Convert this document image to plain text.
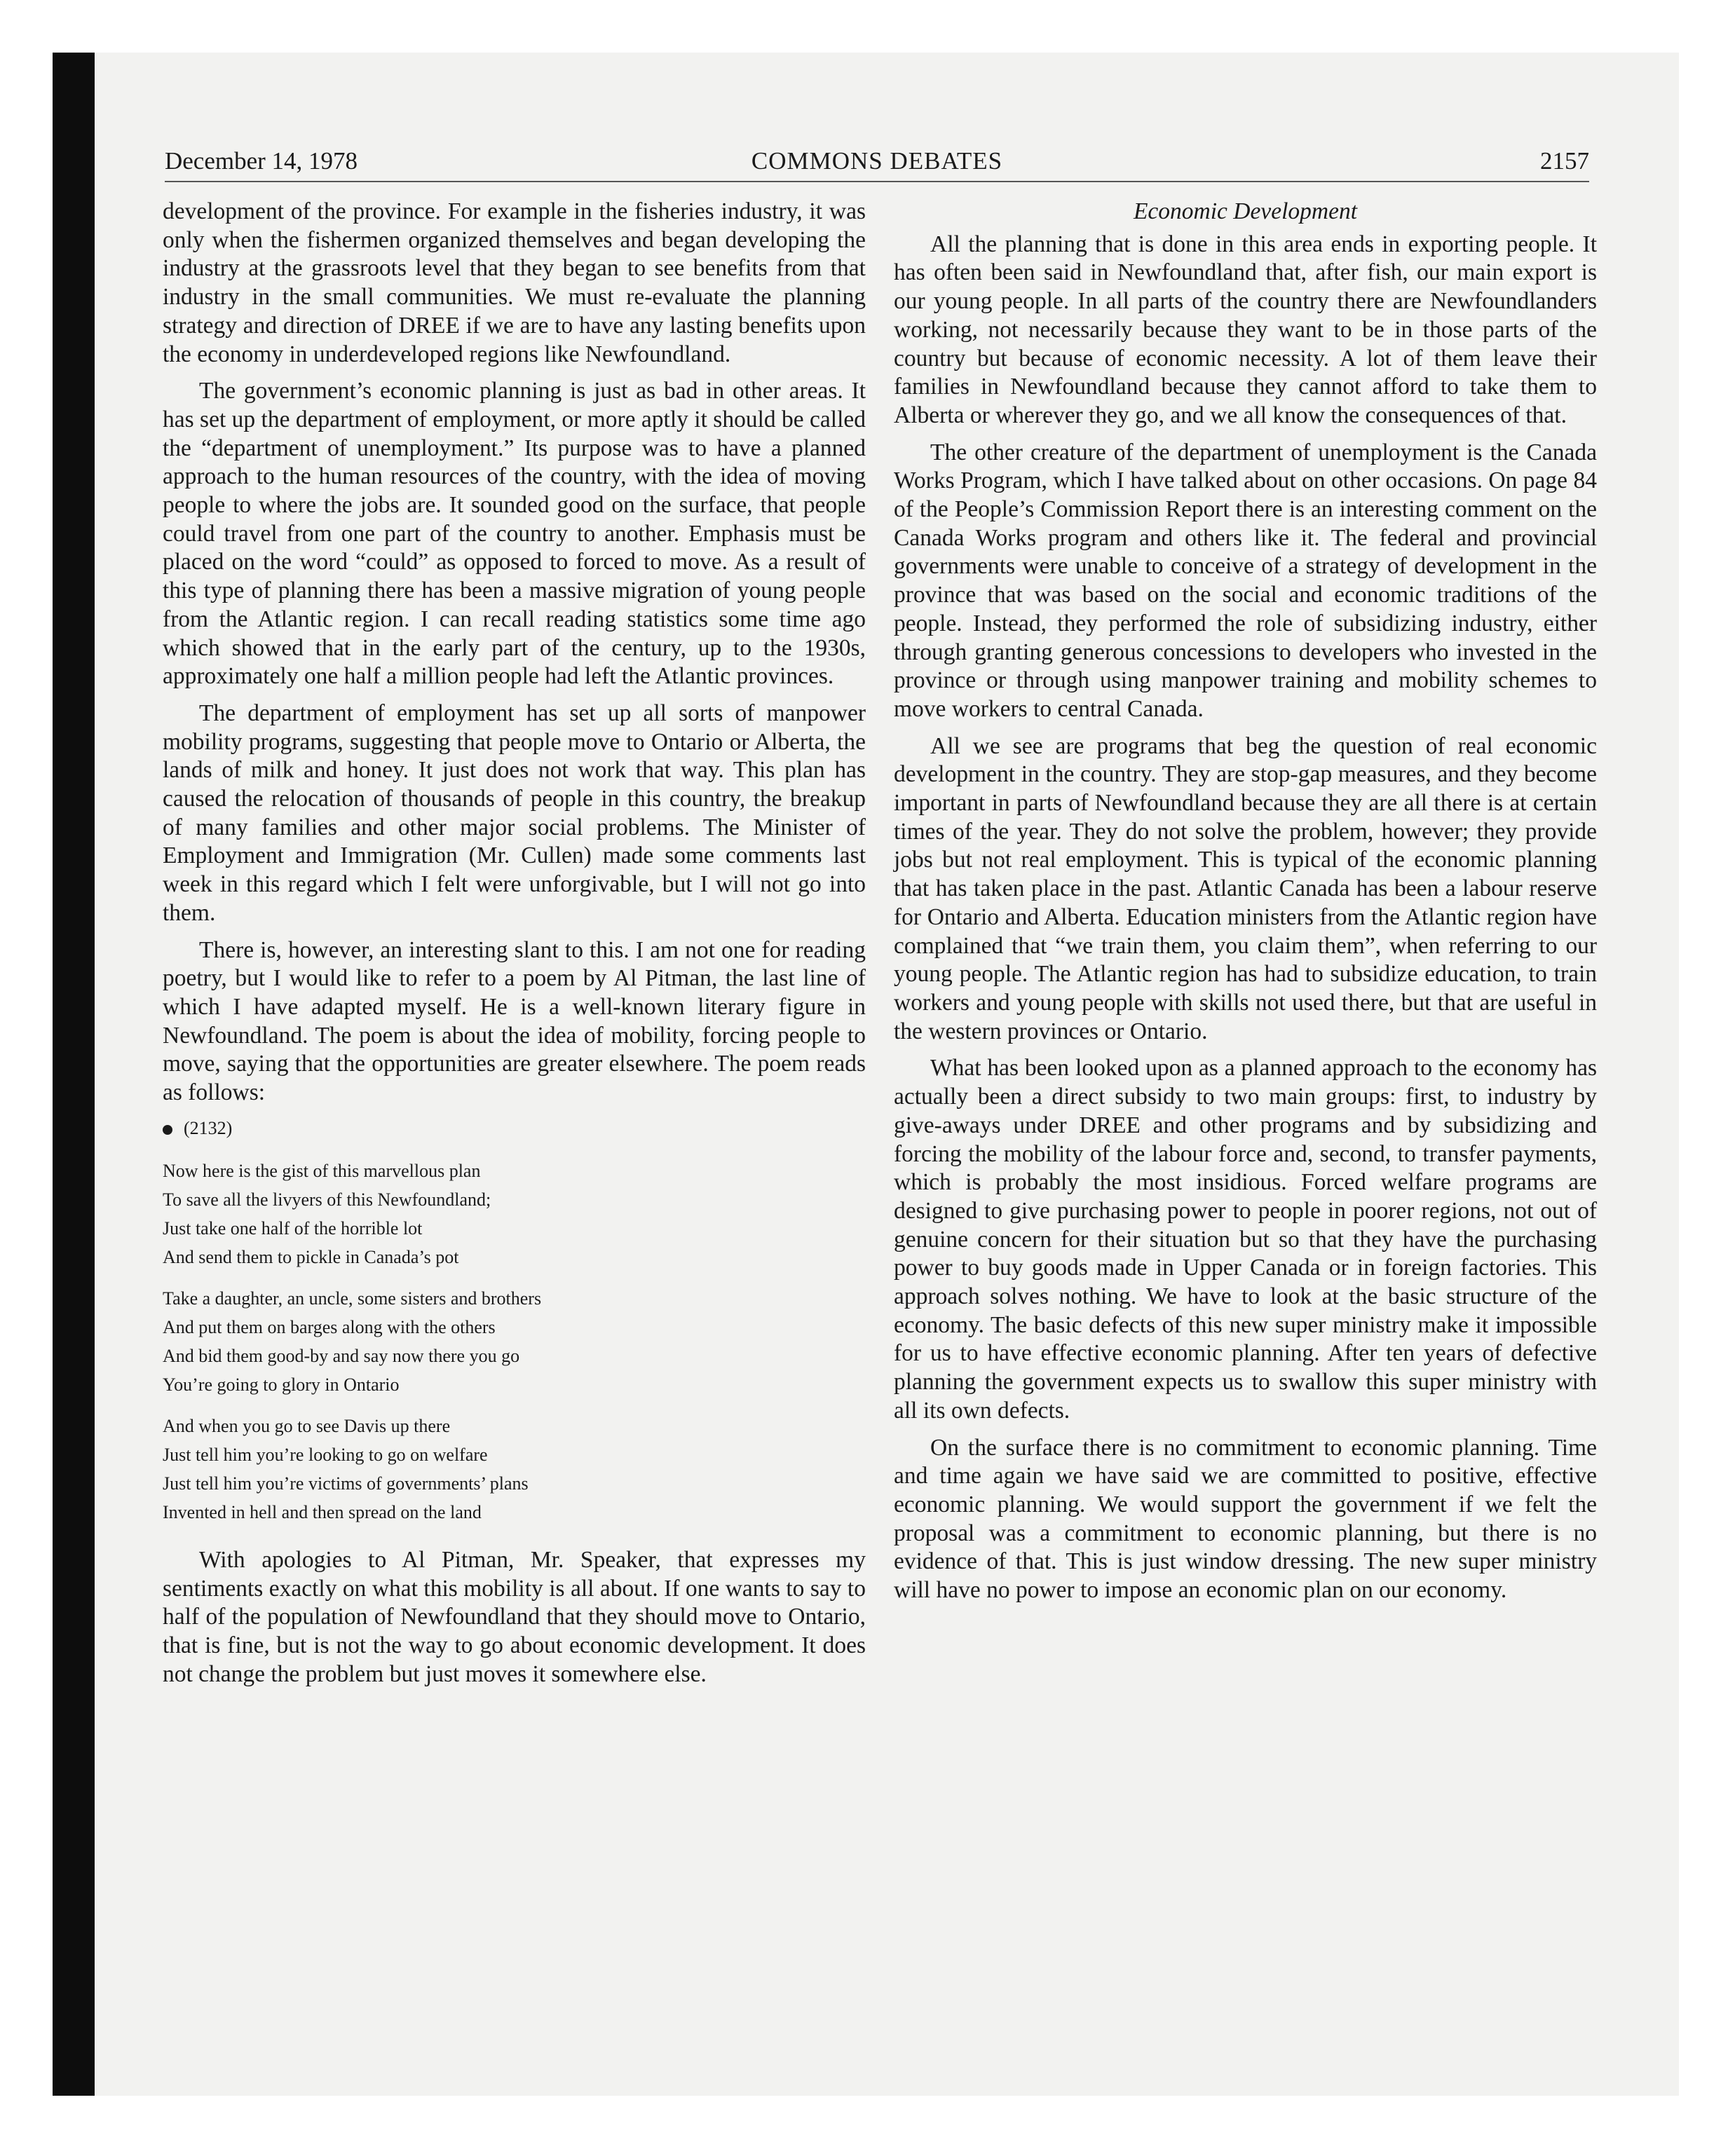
December 14, 1978	COMMONS DEBATES	2157

development of the province. For example in the fisheries industry, it was only when the fishermen organized themselves and began developing the industry at the grassroots level that they began to see benefits from that industry in the small communities. We must re-evaluate the planning strategy and direction of DREE if we are to have any lasting benefits upon the economy in underdeveloped regions like Newfoundland.

The government’s economic planning is just as bad in other areas. It has set up the department of employment, or more aptly it should be called the “department of unemployment.” Its purpose was to have a planned approach to the human resources of the country, with the idea of moving people to where the jobs are. It sounded good on the surface, that people could travel from one part of the country to another. Emphasis must be placed on the word “could” as opposed to forced to move. As a result of this type of planning there has been a massive migration of young people from the Atlantic region. I can recall reading statistics some time ago which showed that in the early part of the century, up to the 1930s, approximately one half a million people had left the Atlantic provinces.

The department of employment has set up all sorts of manpower mobility programs, suggesting that people move to Ontario or Alberta, the lands of milk and honey. It just does not work that way. This plan has caused the relocation of thousands of people in this country, the breakup of many families and other major social problems. The Minister of Employment and Immigration (Mr. Cullen) made some comments last week in this regard which I felt were unforgivable, but I will not go into them.

There is, however, an interesting slant to this. I am not one for reading poetry, but I would like to refer to a poem by Al Pitman, the last line of which I have adapted myself. He is a well-known literary figure in Newfoundland. The poem is about the idea of mobility, forcing people to move, saying that the opportunities are greater elsewhere. The poem reads as follows:

(2132)
Now here is the gist of this marvellous plan
To save all the livyers of this Newfoundland;
Just take one half of the horrible lot
And send them to pickle in Canada’s pot
Take a daughter, an uncle, some sisters and brothers
And put them on barges along with the others
And bid them good-by and say now there you go
You’re going to glory in Ontario
And when you go to see Davis up there
Just tell him you’re looking to go on welfare
Just tell him you’re victims of governments’ plans
Invented in hell and then spread on the land

With apologies to Al Pitman, Mr. Speaker, that expresses my sentiments exactly on what this mobility is all about. If one wants to say to half of the population of Newfoundland that they should move to Ontario, that is fine, but is not the way to go about economic development. It does not change the problem but just moves it somewhere else.

Economic Development

All the planning that is done in this area ends in exporting people. It has often been said in Newfoundland that, after fish, our main export is our young people. In all parts of the country there are Newfoundlanders working, not necessarily because they want to be in those parts of the country but because of economic necessity. A lot of them leave their families in Newfoundland because they cannot afford to take them to Alberta or wherever they go, and we all know the consequences of that.

The other creature of the department of unemployment is the Canada Works Program, which I have talked about on other occasions. On page 84 of the People’s Commission Report there is an interesting comment on the Canada Works program and others like it. The federal and provincial governments were unable to conceive of a strategy of development in the province that was based on the social and economic traditions of the people. Instead, they performed the role of subsidizing industry, either through granting generous concessions to developers who invested in the province or through using manpower training and mobility schemes to move workers to central Canada.

All we see are programs that beg the question of real economic development in the country. They are stop-gap measures, and they become important in parts of Newfoundland because they are all there is at certain times of the year. They do not solve the problem, however; they provide jobs but not real employment. This is typical of the economic planning that has taken place in the past. Atlantic Canada has been a labour reserve for Ontario and Alberta. Education ministers from the Atlantic region have complained that “we train them, you claim them”, when referring to our young people. The Atlantic region has had to subsidize education, to train workers and young people with skills not used there, but that are useful in the western provinces or Ontario.

What has been looked upon as a planned approach to the economy has actually been a direct subsidy to two main groups: first, to industry by give-aways under DREE and other programs and by subsidizing and forcing the mobility of the labour force and, second, to transfer payments, which is probably the most insidious. Forced welfare programs are designed to give purchasing power to people in poorer regions, not out of genuine concern for their situation but so that they have the purchasing power to buy goods made in Upper Canada or in foreign factories. This approach solves nothing. We have to look at the basic structure of the economy. The basic defects of this new super ministry make it impossible for us to have effective economic planning. After ten years of defective planning the government expects us to swallow this super ministry with all its own defects.

On the surface there is no commitment to economic planning. Time and time again we have said we are committed to positive, effective economic planning. We would support the government if we felt the proposal was a commitment to economic planning, but there is no evidence of that. This is just window dressing. The new super ministry will have no power to impose an economic plan on our economy.
